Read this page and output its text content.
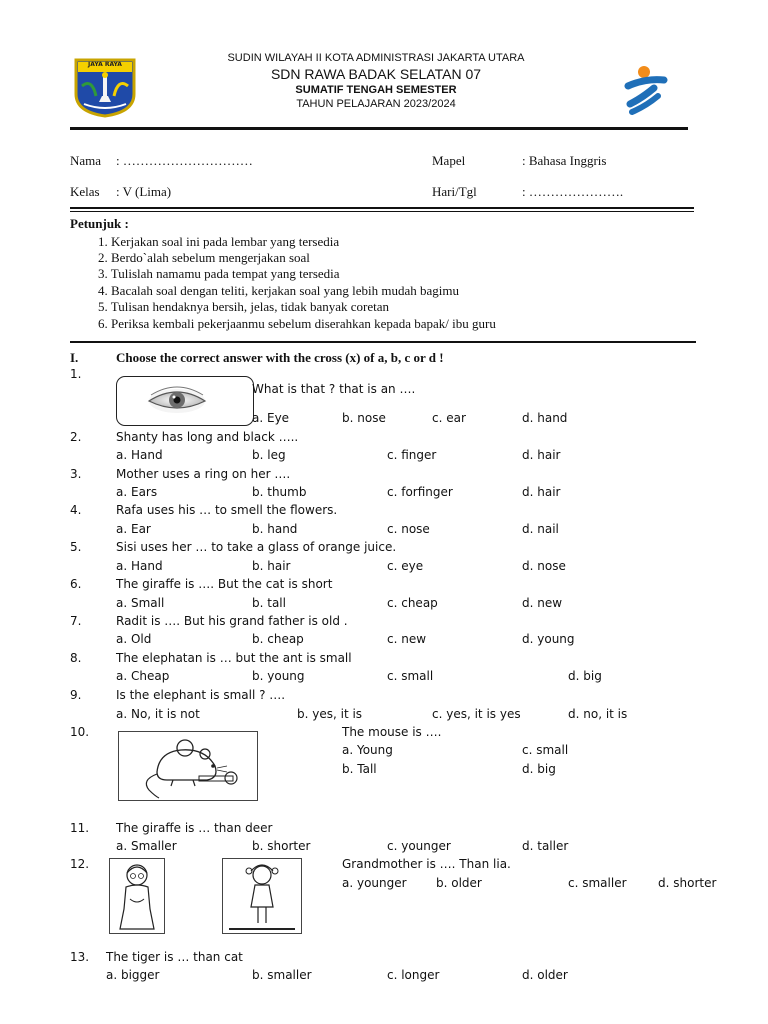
JAYA RAYA
SUDIN WILAYAH II KOTA ADMINISTRASI JAKARTA UTARA
SDN RAWA BADAK SELATAN 07
SUMATIF TENGAH SEMESTER
TAHUN PELAJARAN 2023/2024
Nama : …………………………	Mapel	: Bahasa Inggris
Kelas : V (Lima)	Hari/Tgl	: ………………….
Petunjuk :
1. Kerjakan soal ini pada lembar yang tersedia
2. Berdo`alah sebelum mengerjakan soal
3. Tulislah namamu pada tempat yang tersedia
4. Bacalah soal dengan teliti, kerjakan soal yang lebih mudah bagimu
5. Tulisan hendaknya bersih, jelas, tidak banyak coretan
6. Periksa kembali pekerjaanmu sebelum diserahkan kepada bapak/ ibu guru
I.	Choose the correct answer with the cross (x) of a, b, c or d !
1.
What is that ? that is an ….
a. Eye	b. nose	c. ear	d. hand
2.	Shanty has long and black …..
a. Hand	b. leg	c. finger	d. hair
3.	Mother uses a ring on her ….
a. Ears	b. thumb	c. forfinger	d. hair
4.	Rafa uses his … to smell the flowers.
a. Ear	b. hand	c. nose	d. nail
5.	Sisi uses her … to take a glass of orange juice.
a. Hand	b. hair	c. eye	d. nose
6.	The giraffe is …. But the cat is short
a. Small	b. tall	c. cheap	d. new
7.	Radit is …. But his grand father is old .
a. Old	b. cheap	c. new	d. young
8.	The elephatan is … but the ant is small
a. Cheap	b. young	c. small	d. big
9.	Is the elephant is small ? ….
a. No, it is not	b. yes, it is	c. yes, it is yes	d. no, it is
10.	The mouse is ….
a. Young	c. small
b. Tall	d. big
11. The giraffe is … than deer
a. Smaller	b. shorter	c. younger	d. taller
12.	Grandmother is …. Than lia.
a. younger b. older	c. smaller	d. shorter
13. The tiger is … than cat
a. bigger	b. smaller	c. longer	d. older
